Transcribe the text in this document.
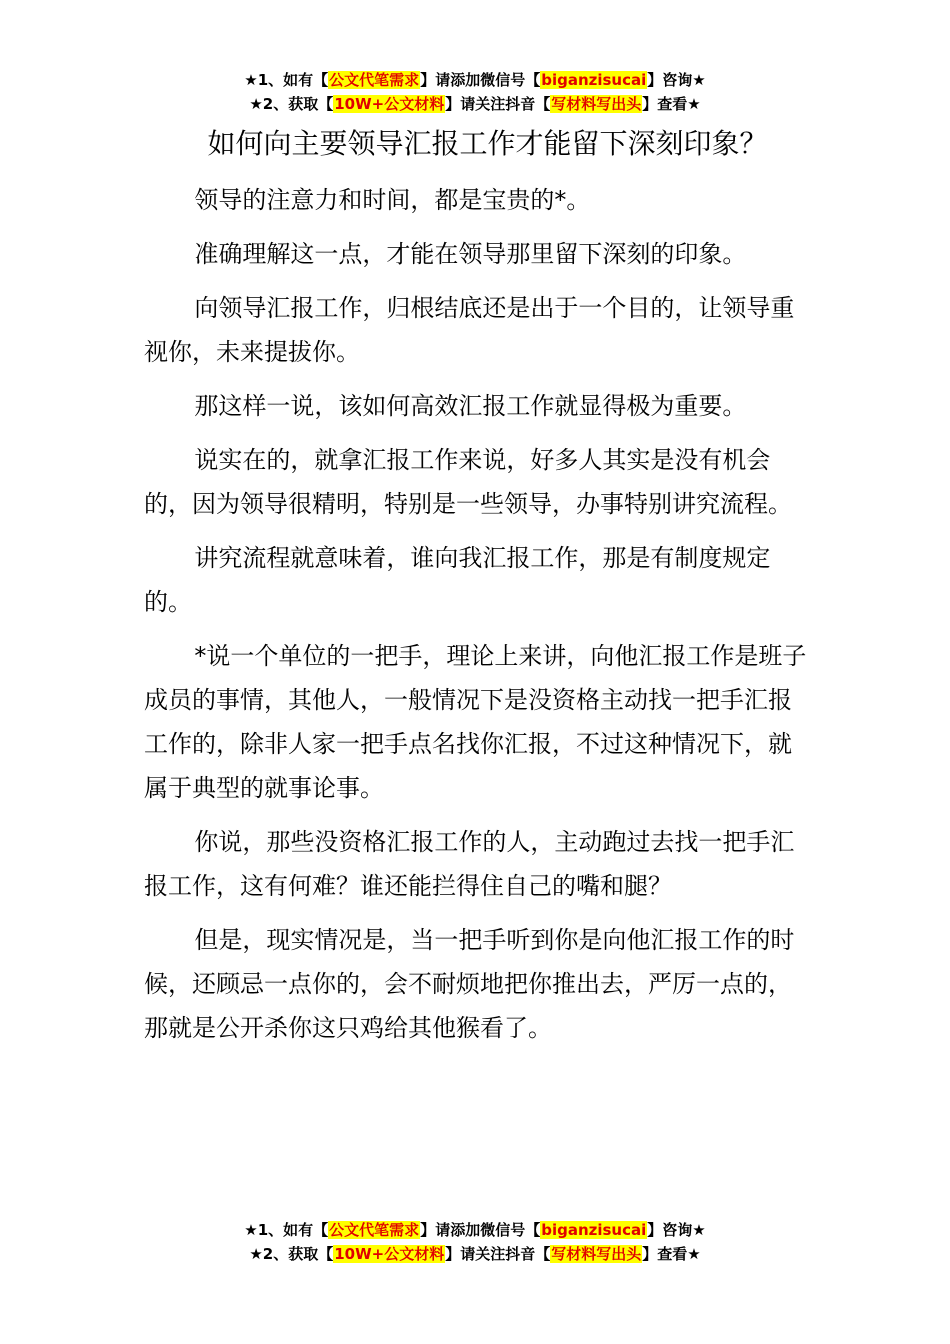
★1、如有【公文代笔需求】请添加微信号【biganzisucai】咨询★
★2、获取【10W+公文材料】请关注抖音【写材料写出头】查看★
如何向主要领导汇报工作才能留下深刻印象？

领导的注意力和时间，都是宝贵的*。

准确理解这一点，才能在领导那里留下深刻的印象。

向领导汇报工作，归根结底还是出于一个目的，让领导重视你，未来提拔你。

那这样一说，该如何高效汇报工作就显得极为重要。

说实在的，就拿汇报工作来说，好多人其实是没有机会的，因为领导很精明，特别是一些领导，办事特别讲究流程。

讲究流程就意味着，谁向我汇报工作，那是有制度规定的。

*说一个单位的一把手，理论上来讲，向他汇报工作是班子成员的事情，其他人，一般情况下是没资格主动找一把手汇报工作的，除非人家一把手点名找你汇报，不过这种情况下，就属于典型的就事论事。

你说，那些没资格汇报工作的人，主动跑过去找一把手汇报工作，这有何难？谁还能拦得住自己的嘴和腿？

但是，现实情况是，当一把手听到你是向他汇报工作的时候，还顾忌一点你的，会不耐烦地把你推出去，严厉一点的，那就是公开杀你这只鸡给其他猴看了。

★1、如有【公文代笔需求】请添加微信号【biganzisucai】咨询★
★2、获取【10W+公文材料】请关注抖音【写材料写出头】查看★
